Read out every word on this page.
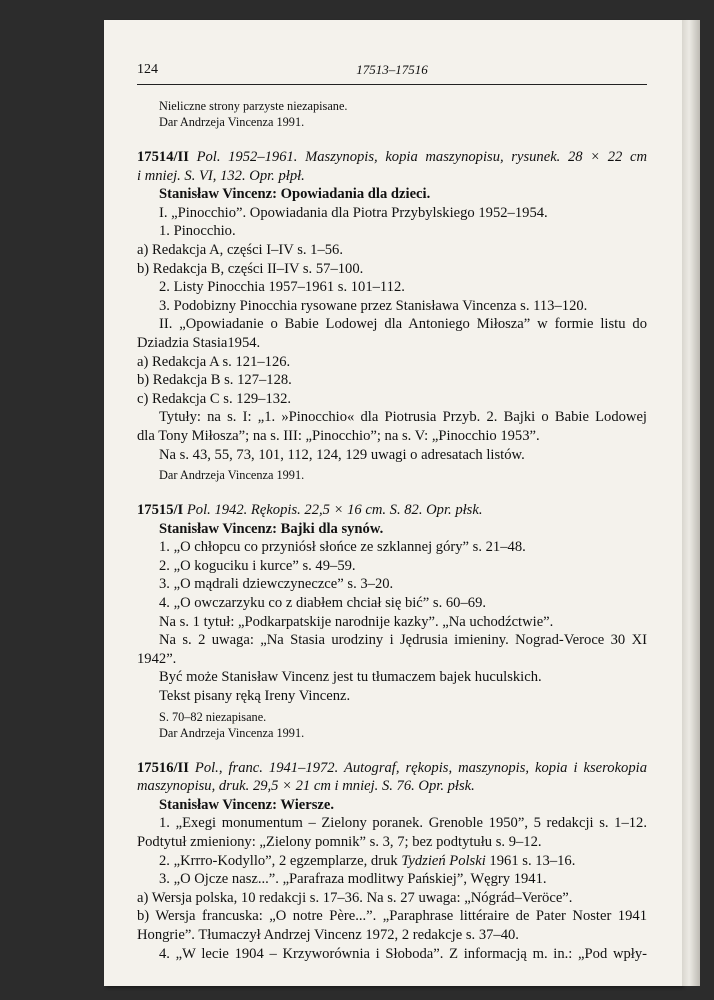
124	17513–17516

Nieliczne strony parzyste niezapisane.

Dar Andrzeja Vincenza 1991.

17514/II Pol. 1952–1961. Maszynopis, kopia maszynopisu, rysunek. 28 × 22 cm

i mniej. S. VI, 132. Opr. płpł.

Stanisław Vincenz: Opowiadania dla dzieci.

I. „Pinocchio”. Opowiadania dla Piotra Przybylskiego 1952–1954.

1. Pinocchio.

a) Redakcja A, części I–IV s. 1–56.

b) Redakcja B, części II–IV s. 57–100.

2. Listy Pinocchia 1957–1961 s. 101–112.

3. Podobizny Pinocchia rysowane przez Stanisława Vincenza s. 113–120.

II. „Opowiadanie o Babie Lodowej dla Antoniego Miłosza” w formie listu do

Dziadzia Stasia1954.

a) Redakcja A s. 121–126.

b) Redakcja B s. 127–128.

c) Redakcja C s. 129–132.

Tytuły: na s. I: „1. »Pinocchio« dla Piotrusia Przyb. 2. Bajki o Babie Lodowej

dla Tony Miłosza”; na s. III: „Pinocchio”; na s. V: „Pinocchio 1953”.

Na s. 43, 55, 73, 101, 112, 124, 129 uwagi o adresatach listów.

Dar Andrzeja Vincenza 1991.

17515/I Pol. 1942. Rękopis. 22,5 × 16 cm. S. 82. Opr. płsk.

Stanisław Vincenz: Bajki dla synów.

1. „O chłopcu co przyniósł słońce ze szklannej góry” s. 21–48.

2. „O koguciku i kurce” s. 49–59.

3. „O mądrali dziewczyneczce” s. 3–20.

4. „O owczarzyku co z diabłem chciał się bić” s. 60–69.

Na s. 1 tytuł: „Podkarpatskije narodnije kazky”. „Na uchodźctwie”.

Na s. 2 uwaga: „Na Stasia urodziny i Jędrusia imieniny. Nograd-Veroce 30 XI

1942”.

Być może Stanisław Vincenz jest tu tłumaczem bajek huculskich.

Tekst pisany ręką Ireny Vincenz.

S. 70–82 niezapisane.

Dar Andrzeja Vincenza 1991.

17516/II Pol., franc. 1941–1972. Autograf, rękopis, maszynopis, kopia i kserokopia

maszynopisu, druk. 29,5 × 21 cm i mniej. S. 76. Opr. płsk.

Stanisław Vincenz: Wiersze.

1. „Exegi monumentum – Zielony poranek. Grenoble 1950”, 5 redakcji s. 1–12.

Podtytuł zmieniony: „Zielony pomnik” s. 3, 7; bez podtytułu s. 9–12.

2. „Krrro-Kodyllo”, 2 egzemplarze, druk Tydzień Polski 1961 s. 13–16.

3. „O Ojcze nasz...”. „Parafraza modlitwy Pańskiej”, Węgry 1941.

a) Wersja polska, 10 redakcji s. 17–36. Na s. 27 uwaga: „Nógrád–Veröce”.

b) Wersja francuska: „O notre Père...”. „Paraphrase littéraire de Pater Noster 1941

Hongrie”. Tłumaczył Andrzej Vincenz 1972, 2 redakcje s. 37–40.

4. „W lecie 1904 – Krzyworównia i Słoboda”. Z informacją m. in.: „Pod wpły-
